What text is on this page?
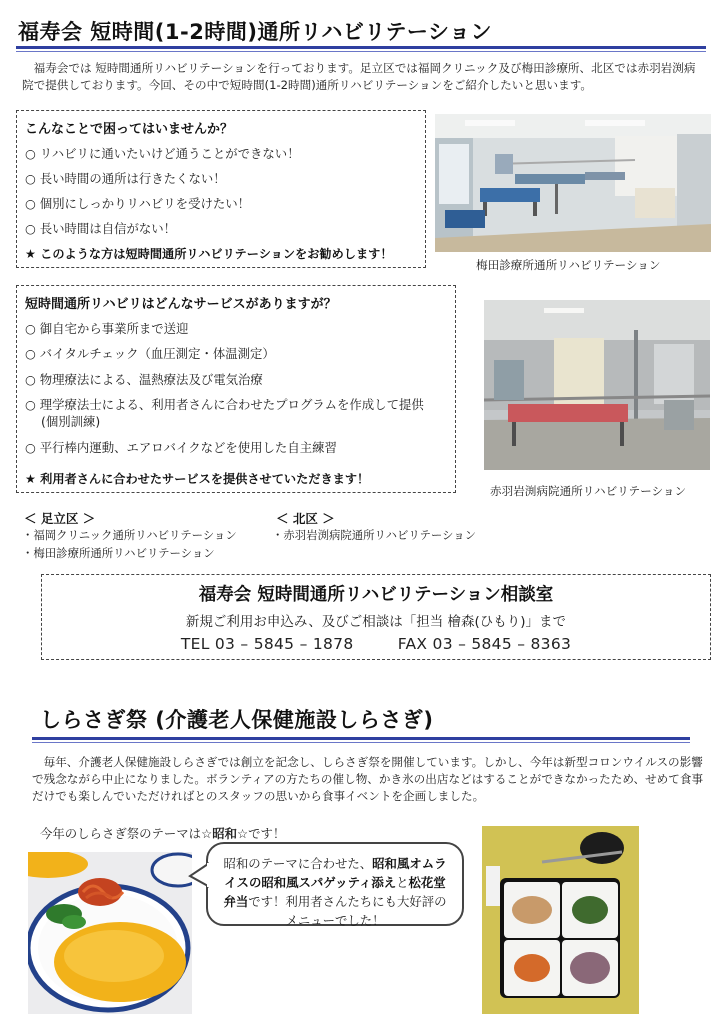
福寿会 短時間(1-2時間)通所リハビリテーション
福寿会では 短時間通所リハビリテーションを行っております。足立区では福岡クリニック及び梅田診療所、北区では赤羽岩渕病院で提供しております。今回、その中で短時間(1-2時間)通所リハビリテーションをご紹介したいと思います。
こんなことで困ってはいませんか？
○ リハビリに通いたいけど通うことができない！
○ 長い時間の通所は行きたくない！
○ 個別にしっかりリハビリを受けたい！
○ 長い時間は自信がない！
★ このような方は短時間通所リハビリテーションをお勧めします！
梅田診療所通所リハビリテーション
短時間通所リハビリはどんなサービスがありますが？
○ 御自宅から事業所まで送迎
○ バイタルチェック（血圧測定・体温測定）
○ 物理療法による、温熱療法及び電気治療
○ 理学療法士による、利用者さんに合わせたプログラムを作成して提供
(個別訓練)
○ 平行棒内運動、エアロバイクなどを使用した自主練習
★ 利用者さんに合わせたサービスを提供させていただきます！
赤羽岩渕病院通所リハビリテーション
＜ 足立区 ＞
・福岡クリニック通所リハビリテーション
・梅田診療所通所リハビリテーション
＜ 北区 ＞
・赤羽岩渕病院通所リハビリテーション
福寿会 短時間通所リハビリテーション相談室
新規ご利用お申込み、及びご相談は「担当 檜森(ひもり)」まで
TEL 03 – 5845 – 1878	FAX 03 – 5845 – 8363
しらさぎ祭 (介護老人保健施設しらさぎ)
毎年、介護老人保健施設しらさぎでは創立を記念し、しらさぎ祭を開催しています。しかし、今年は新型コロンウイルスの影響で残念ながら中止になりました。ボランティアの方たちの催し物、かき氷の出店などはすることができなかったため、せめて食事だけでも楽しんでいただければとのスタッフの思いから食事イベントを企画しました。
今年のしらさぎ祭のテーマは☆昭和☆です！
昭和のテーマに合わせた、昭和風オムライスの昭和風スパゲッティ添えと松花堂弁当です！利用者さんたちにも大好評のメニューでした！
